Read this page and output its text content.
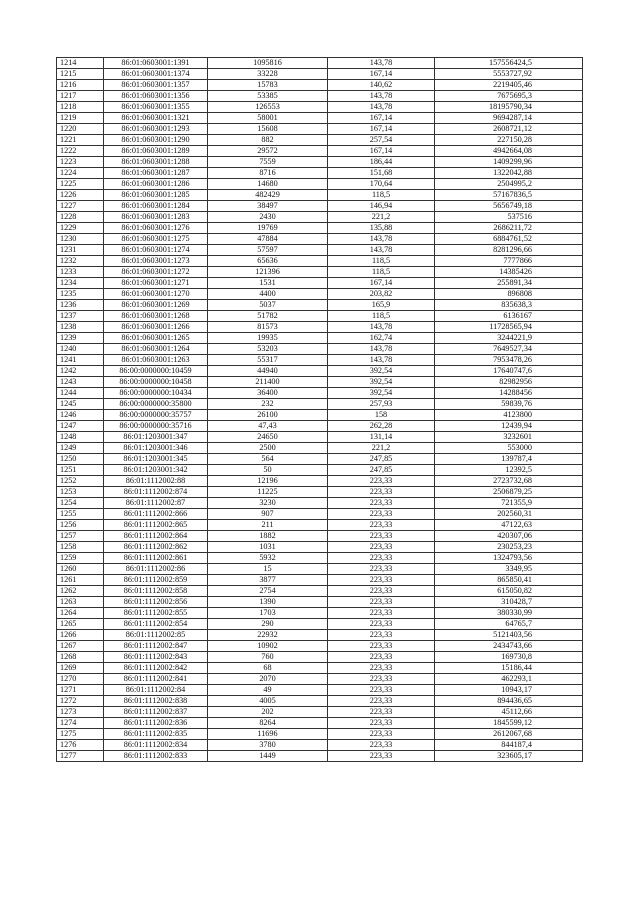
1214	86:01:0603001:1391	1095816	143,78	157556424,5
1215	86:01:0603001:1374	33228	167,14	5553727,92
1216	86:01:0603001:1357	15783	140,62	2219405,46
1217	86:01:0603001:1356	53385	143,78	7675695,3
1218	86:01:0603001:1355	126553	143,78	18195790,34
1219	86:01:0603001:1321	58001	167,14	9694287,14
1220	86:01:0603001:1293	15608	167,14	2608721,12
1221	86:01:0603001:1290	882	257,54	227150,28
1222	86:01:0603001:1289	29572	167,14	4942664,08
1223	86:01:0603001:1288	7559	186,44	1409299,96
1224	86:01:0603001:1287	8716	151,68	1322042,88
1225	86:01:0603001:1286	14680	170,64	2504995,2
1226	86:01:0603001:1285	482429	118,5	57167836,5
1227	86:01:0603001:1284	38497	146,94	5656749,18
1228	86:01:0603001:1283	2430	221,2	537516
1229	86:01:0603001:1276	19769	135,88	2686211,72
1230	86:01:0603001:1275	47884	143,78	6884761,52
1231	86:01:0603001:1274	57597	143,78	8281296,66
1232	86:01:0603001:1273	65636	118,5	7777866
1233	86:01:0603001:1272	121396	118,5	14385426
1234	86:01:0603001:1271	1531	167,14	255891,34
1235	86:01:0603001:1270	4400	203,82	896808
1236	86:01:0603001:1269	5037	165,9	835638,3
1237	86:01:0603001:1268	51782	118,5	6136167
1238	86:01:0603001:1266	81573	143,78	11728565,94
1239	86:01:0603001:1265	19935	162,74	3244221,9
1240	86:01:0603001:1264	53203	143,78	7649527,34
1241	86:01:0603001:1263	55317	143,78	7953478,26
1242	86:00:0000000:10459	44940	392,54	17640747,6
1243	86:00:0000000:10458	211400	392,54	82982956
1244	86:00:0000000:10434	36400	392,54	14288456
1245	86:00:0000000:35800	232	257,93	59839,76
1246	86:00:0000000:35757	26100	158	4123800
1247	86:00:0000000:35716	47,43	262,28	12439,94
1248	86:01:1203001:347	24650	131,14	3232601
1249	86:01:1203001:346	2500	221,2	553000
1250	86:01:1203001:345	564	247,85	139787,4
1251	86:01:1203001:342	50	247,85	12392,5
1252	86:01:1112002:88	12196	223,33	2723732,68
1253	86:01:1112002:874	11225	223,33	2506879,25
1254	86:01:1112002:87	3230	223,33	721355,9
1255	86:01:1112002:866	907	223,33	202560,31
1256	86:01:1112002:865	211	223,33	47122,63
1257	86:01:1112002:864	1882	223,33	420307,06
1258	86:01:1112002:862	1031	223,33	230253,23
1259	86:01:1112002:861	5932	223,33	1324793,56
1260	86:01:1112002:86	15	223,33	3349,95
1261	86:01:1112002:859	3877	223,33	865850,41
1262	86:01:1112002:858	2754	223,33	615050,82
1263	86:01:1112002:856	1390	223,33	310428,7
1264	86:01:1112002:855	1703	223,33	380330,99
1265	86:01:1112002:854	290	223,33	64765,7
1266	86:01:1112002:85	22932	223,33	5121403,56
1267	86:01:1112002:847	10902	223,33	2434743,66
1268	86:01:1112002:843	760	223,33	169730,8
1269	86:01:1112002:842	68	223,33	15186,44
1270	86:01:1112002:841	2070	223,33	462293,1
1271	86:01:1112002:84	49	223,33	10943,17
1272	86:01:1112002:838	4005	223,33	894436,65
1273	86:01:1112002:837	202	223,33	45112,66
1274	86:01:1112002:836	8264	223,33	1845599,12
1275	86:01:1112002:835	11696	223,33	2612067,68
1276	86:01:1112002:834	3780	223,33	844187,4
1277	86:01:1112002:833	1449	223,33	323605,17
